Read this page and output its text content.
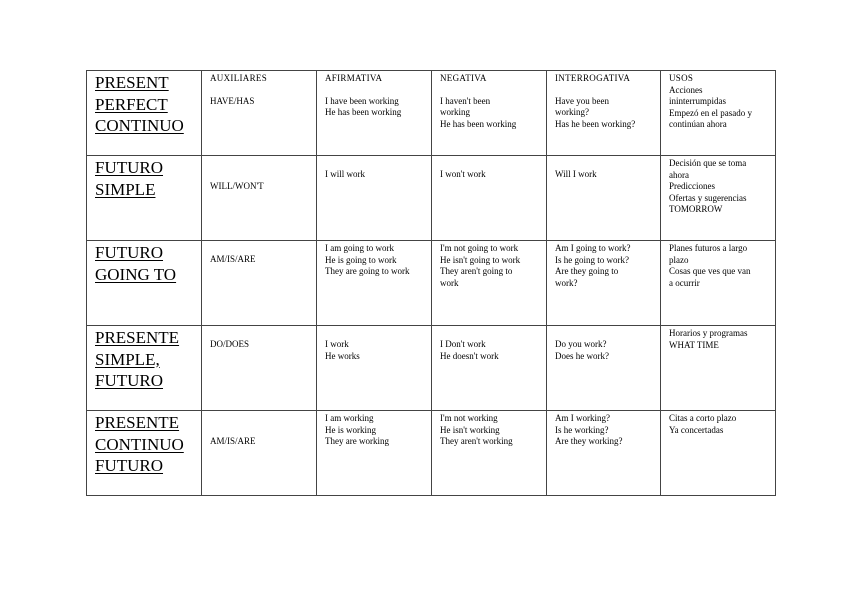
PRESENT
PERFECT
CONTINUO	AUXILIARES
HAVE/HAS	AFIRMATIVA
I have been working
He has been working	NEGATIVA
I haven't been
working
He has been working	INTERROGATIVA
Have you been
working?
Has he been working?	USOS
Acciones
ininterrumpidas
Empezó en el pasado y
continúan ahora

FUTURO
SIMPLE	WILL/WON'T	I will work	I won't work	Will I work	Decisión que se toma
ahora
Predicciones
Ofertas y sugerencias
TOMORROW

FUTURO
GOING TO	AM/IS/ARE	I am going to work
He is going to work
They are going to work	I'm not going to work
He isn't going to work
They aren't going to
work	Am I going to work?
Is he going to work?
Are they going to
work?	Planes futuros a largo
plazo
Cosas que ves que van
a ocurrir

PRESENTE
SIMPLE,
FUTURO	DO/DOES	I work
He works	I Don't work
He doesn't work	Do you work?
Does he work?	Horarios y programas
WHAT TIME

PRESENTE
CONTINUO
FUTURO	AM/IS/ARE	I am working
He is working
They are working	I'm not working
He isn't working
They aren't working	Am I working?
Is he working?
Are they working?	Citas a corto plazo
Ya concertadas
